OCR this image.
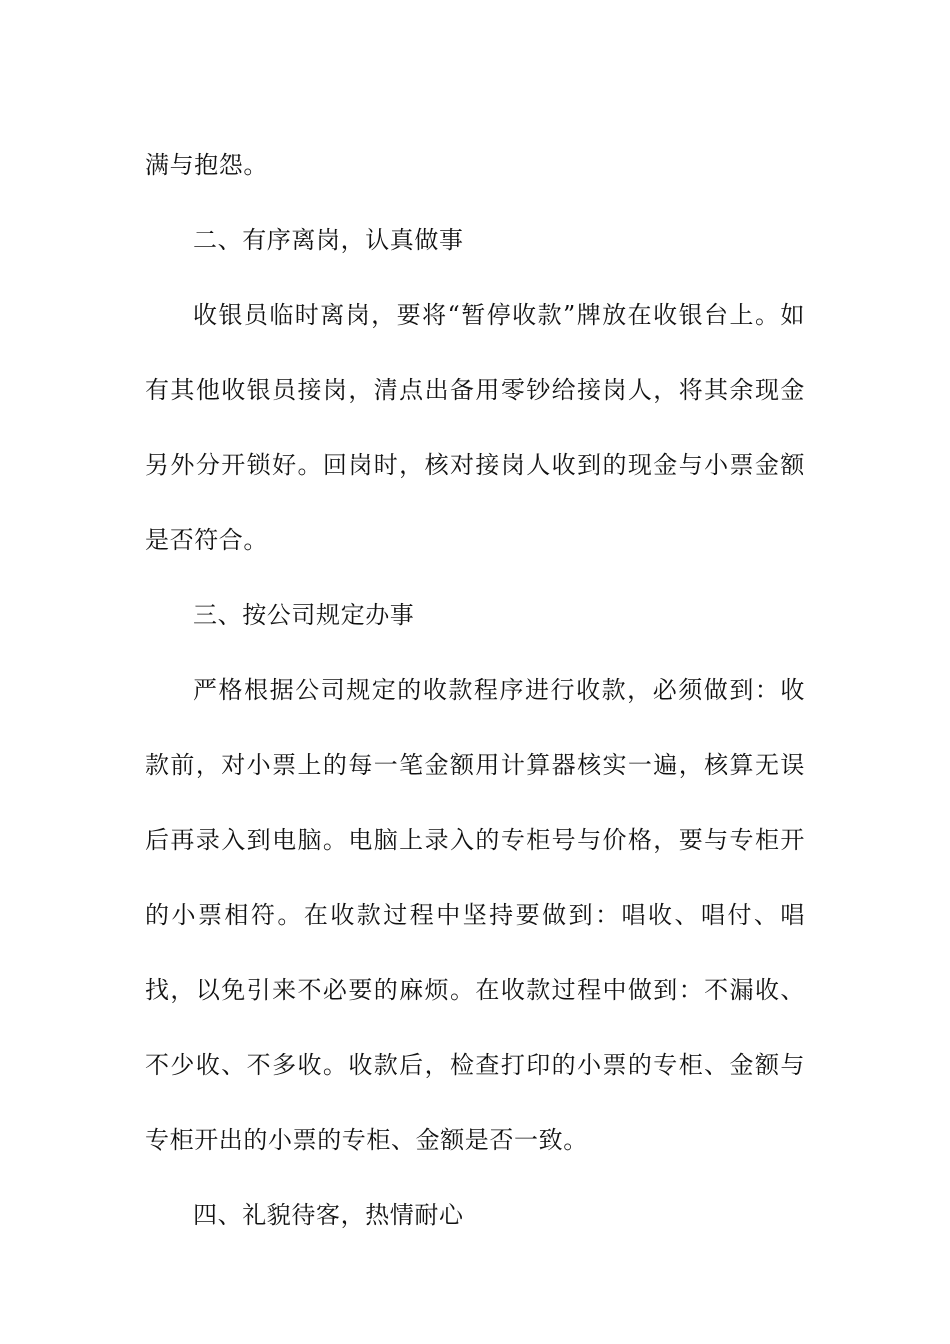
满与抱怨。

二、有序离岗，认真做事

收银员临时离岗，要将“暂停收款”牌放在收银台上。如有其他收银员接岗，清点出备用零钞给接岗人，将其余现金另外分开锁好。回岗时，核对接岗人收到的现金与小票金额是否符合。

三、按公司规定办事

严格根据公司规定的收款程序进行收款，必须做到：收款前，对小票上的每一笔金额用计算器核实一遍，核算无误后再录入到电脑。电脑上录入的专柜号与价格，要与专柜开的小票相符。在收款过程中坚持要做到：唱收、唱付、唱找，以免引来不必要的麻烦。在收款过程中做到：不漏收、不少收、不多收。收款后，检查打印的小票的专柜、金额与专柜开出的小票的专柜、金额是否一致。

四、礼貌待客，热情耐心
